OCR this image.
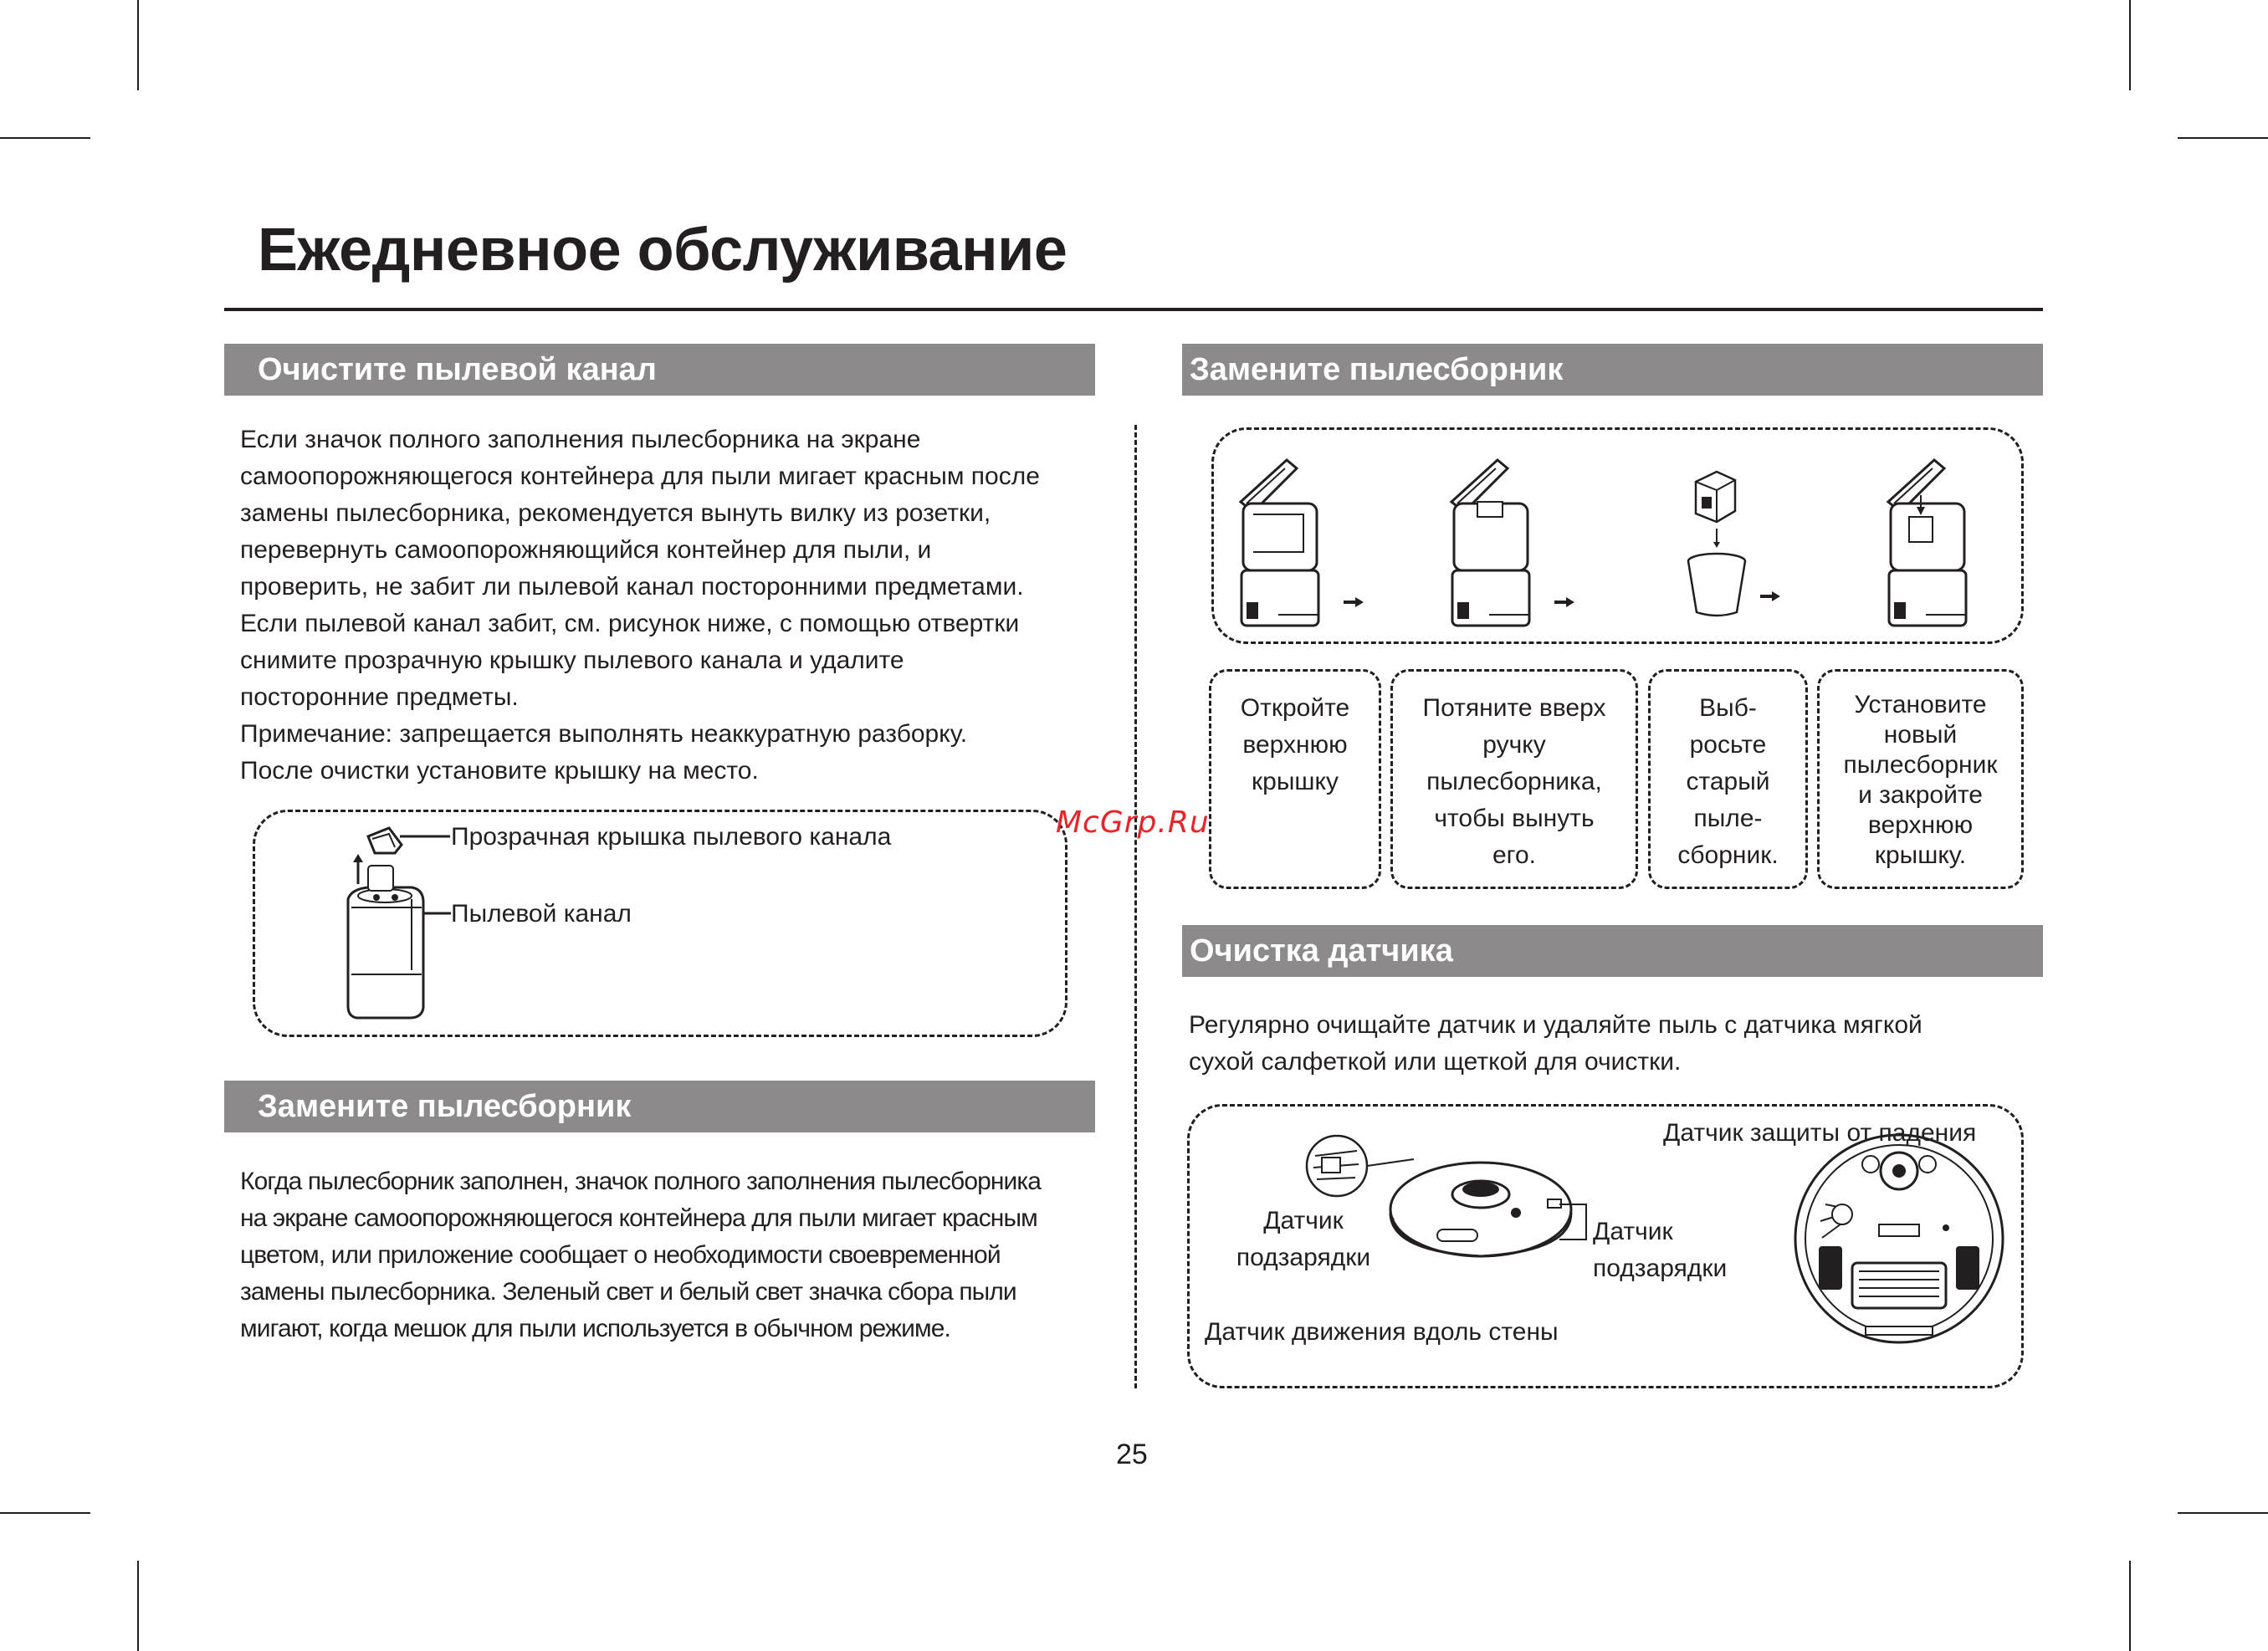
Ежедневное обслуживание
Очистите пылевой канал

Если значок полного заполнения пылесборника на экране

самоопорожняющегося контейнера для пыли мигает красным после

замены пылесборника, рекомендуется вынуть вилку из розетки,

перевернуть самоопорожняющийся контейнер для пыли, и

проверить, не забит ли пылевой канал посторонними предметами.

Если пылевой канал забит, см. рисунок ниже, с помощью отвертки

снимите прозрачную крышку пылевого канала и удалите

посторонние предметы.

Примечание: запрещается выполнять неаккуратную разборку.

После очистки установите крышку на место.

Прозрачная крышка пылевого канала
Пылевой канал
Замените пылесборник

Когда пылесборник заполнен, значок полного заполнения пылесборника

на экране самоопорожняющегося контейнера для пыли мигает красным

цветом, или приложение сообщает о необходимости своевременной

замены пылесборника. Зеленый свет и белый свет значка сбора пыли

мигают, когда мешок для пыли используется в обычном режиме.

Замените пылесборник
Откройте
верхнюю
крышку
Потяните вверх
ручку
пылесборника,
чтобы вынуть
его.
Выб-
росьте
старый
пыле-
сборник.
Установите
новый
пылесборник
и закройте
верхнюю
крышку.
Очистка датчика

Регулярно очищайте датчик и удаляйте пыль с датчика мягкой

сухой салфеткой или щеткой для очистки.

Датчик защиты от падения
Датчик
подзарядки
Датчик
подзарядки
Датчик движения вдоль стены
McGrp.Ru
25
